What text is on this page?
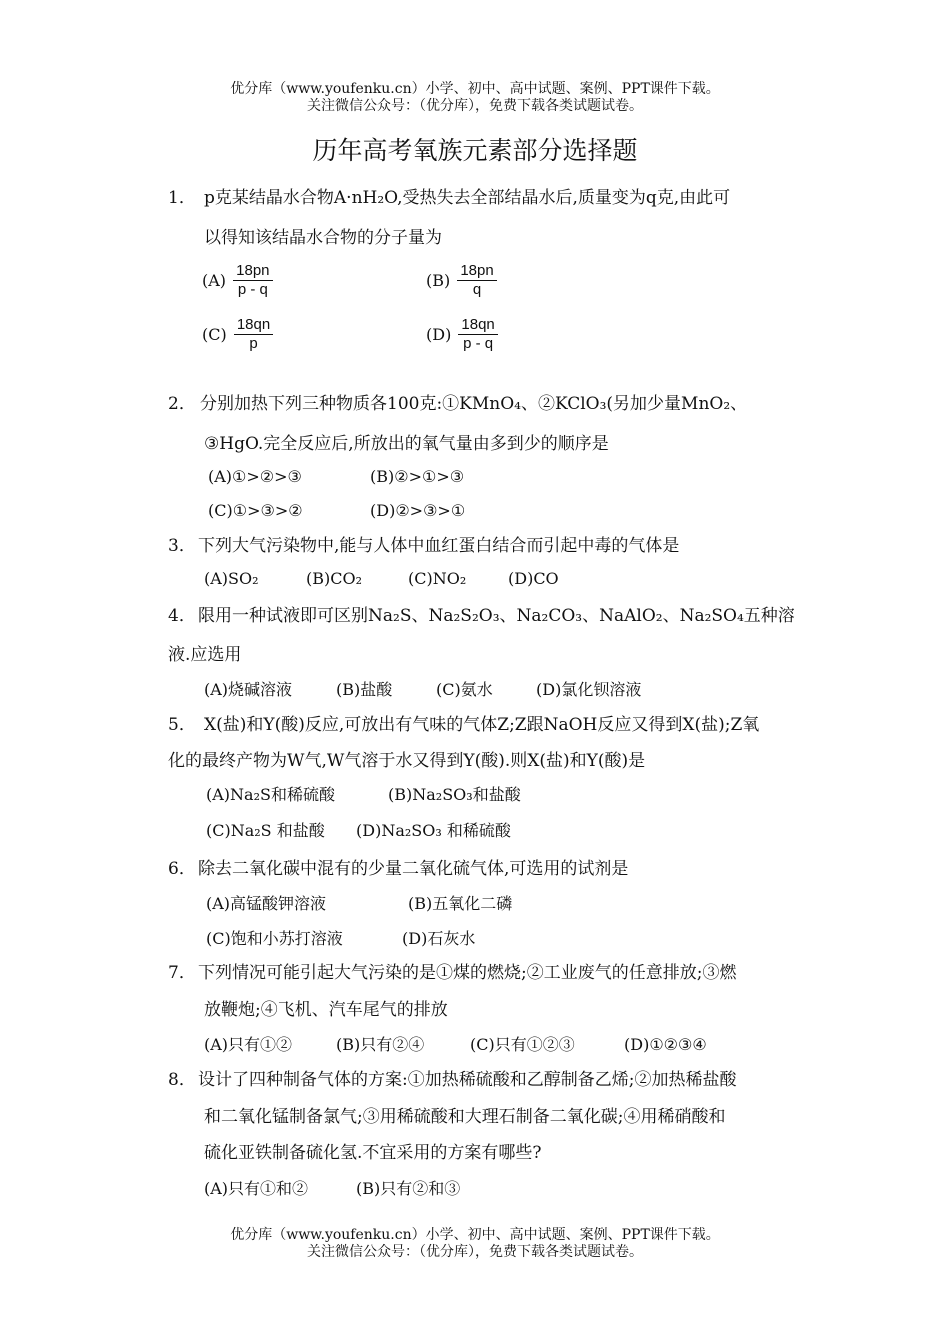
优分库（www.youfenku.cn）小学、初中、高中试题、案例、PPT课件下载。
关注微信公众号：（优分库），免费下载各类试题试卷。
历年高考氧族元素部分选择题
1． p克某结晶水合物A·nH₂O,受热失去全部结晶水后,质量变为q克,由此可
以得知该结晶水合物的分子量为
$(A) \frac{18pn}{p - q}$	$(B) \frac{18pn}{q}$
$(C) \frac{18qn}{p}$	$(D) \frac{18qn}{p - q}$
2． 分别加热下列三种物质各100克:①KMnO₄、②KClO₃(另加少量MnO₂、
③HgO.完全反应后,所放出的氧气量由多到少的顺序是
(A)①>②>③	(B)②>①>③
(C)①>③>②	(D)②>③>①
3． 下列大气污染物中,能与人体中血红蛋白结合而引起中毒的气体是
(A)SO₂	(B)CO₂	(C)NO₂	(D)CO
4． 限用一种试液即可区别Na₂S、Na₂S₂O₃、Na₂CO₃、NaAlO₂、Na₂SO₄五种溶
液.应选用
(A)烧碱溶液	(B)盐酸	(C)氨水	(D)氯化钡溶液
5． X(盐)和Y(酸)反应,可放出有气味的气体Z;Z跟NaOH反应又得到X(盐);Z氧
化的最终产物为W气,W气溶于水又得到Y(酸).则X(盐)和Y(酸)是
(A)Na₂S和稀硫酸	(B)Na₂SO₃和盐酸
(C)Na₂S 和盐酸 (D)Na₂SO₃ 和稀硫酸
6． 除去二氧化碳中混有的少量二氧化硫气体,可选用的试剂是
(A)高锰酸钾溶液	(B)五氧化二磷
(C)饱和小苏打溶液	(D)石灰水
7． 下列情况可能引起大气污染的是①煤的燃烧;②工业废气的任意排放;③燃
放鞭炮;④飞机、汽车尾气的排放
(A)只有①②	(B)只有②④	(C)只有①②③	(D)①②③④
8． 设计了四种制备气体的方案:①加热稀硫酸和乙醇制备乙烯;②加热稀盐酸
和二氧化锰制备氯气;③用稀硫酸和大理石制备二氧化碳;④用稀硝酸和
硫化亚铁制备硫化氢.不宜采用的方案有哪些?
(A)只有①和②	(B)只有②和③
优分库（www.youfenku.cn）小学、初中、高中试题、案例、PPT课件下载。
关注微信公众号：（优分库），免费下载各类试题试卷。
